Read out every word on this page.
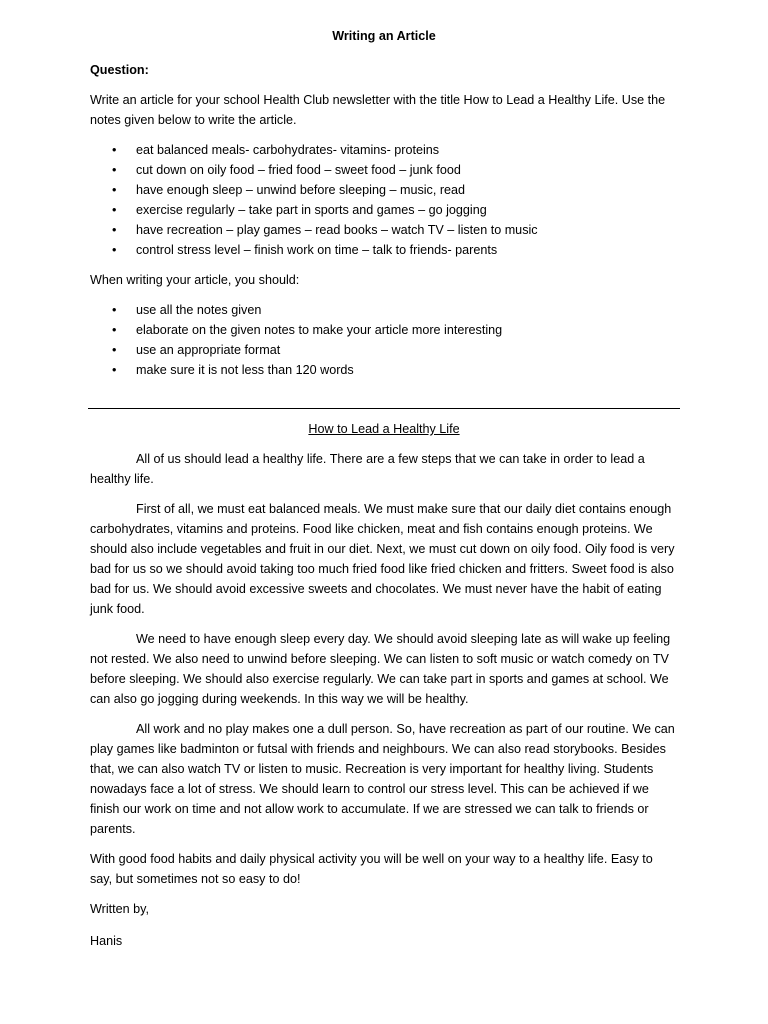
Writing an Article
Question:

Write an article for your school Health Club newsletter with the title How to Lead a Healthy Life. Use the notes given below to write the article.

• eat balanced meals- carbohydrates- vitamins- proteins
• cut down on oily food – fried food – sweet food – junk food
• have enough sleep – unwind before sleeping – music, read
• exercise regularly – take part in sports and games – go jogging
• have recreation – play games – read books – watch TV – listen to music
• control stress level – finish work on time – talk to friends- parents

When writing your article, you should:

• use all the notes given
• elaborate on the given notes to make your article more interesting
• use an appropriate format
• make sure it is not less than 120 words
How to Lead a Healthy Life

All of us should lead a healthy life. There are a few steps that we can take in order to lead a healthy life.

First of all, we must eat balanced meals. We must make sure that our daily diet contains enough carbohydrates, vitamins and proteins. Food like chicken, meat and fish contains enough proteins. We should also include vegetables and fruit in our diet. Next, we must cut down on oily food. Oily food is very bad for us so we should avoid taking too much fried food like fried chicken and fritters. Sweet food is also bad for us. We should avoid excessive sweets and chocolates. We must never have the habit of eating junk food.

We need to have enough sleep every day. We should avoid sleeping late as will wake up feeling not rested. We also need to unwind before sleeping. We can listen to soft music or watch comedy on TV before sleeping. We should also exercise regularly. We can take part in sports and games at school. We can also go jogging during weekends. In this way we will be healthy.

All work and no play makes one a dull person. So, have recreation as part of our routine. We can play games like badminton or futsal with friends and neighbours. We can also read storybooks. Besides that, we can also watch TV or listen to music. Recreation is very important for healthy living. Students nowadays face a lot of stress. We should learn to control our stress level. This can be achieved if we finish our work on time and not allow work to accumulate. If we are stressed we can talk to friends or parents.

With good food habits and daily physical activity you will be well on your way to a healthy life. Easy to say, but sometimes not so easy to do!

Written by,

Hanis
